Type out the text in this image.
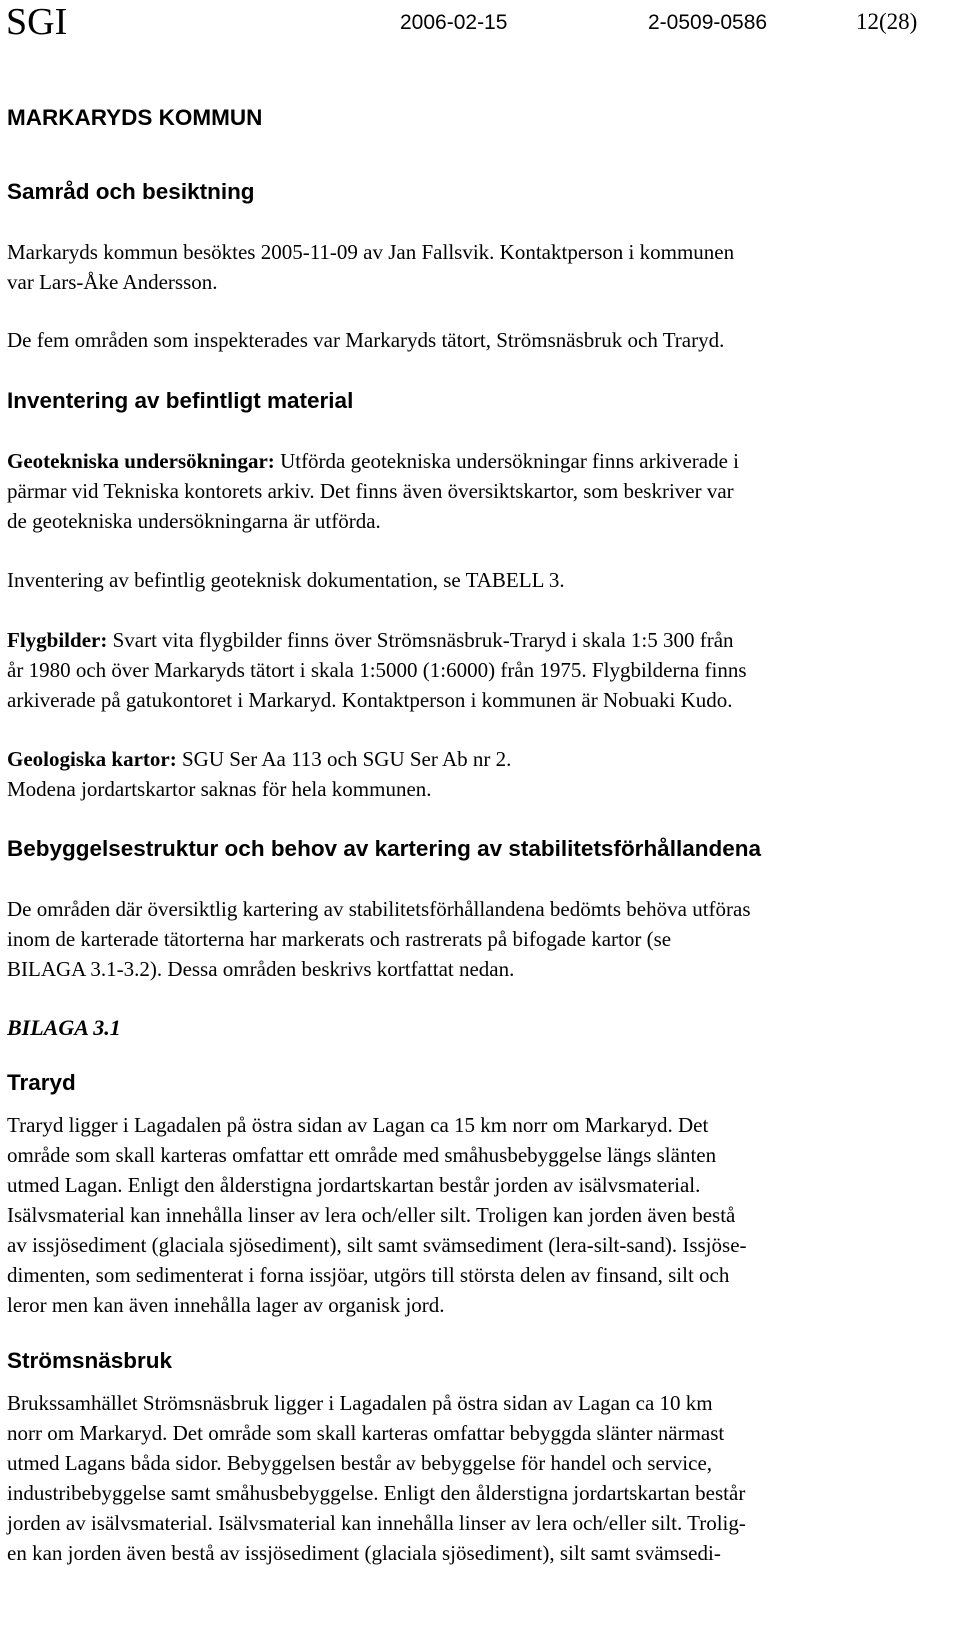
SGI	2006-02-15	2-0509-0586	12(28)
MARKARYDS KOMMUN
Samråd och besiktning
Markaryds kommun besöktes 2005-11-09 av Jan Fallsvik. Kontaktperson i kommunen
var Lars-Åke Andersson.
De fem områden som inspekterades var Markaryds tätort, Strömsnäsbruk och Traryd.
Inventering av befintligt material
Geotekniska undersökningar: Utförda geotekniska undersökningar finns arkiverade i
pärmar vid Tekniska kontorets arkiv. Det finns även översiktskartor, som beskriver var
de geotekniska undersökningarna är utförda.
Inventering av befintlig geoteknisk dokumentation, se TABELL 3.
Flygbilder: Svart vita flygbilder finns över Strömsnäsbruk-Traryd i skala 1:5 300 från
år 1980 och över Markaryds tätort i skala 1:5000 (1:6000) från 1975. Flygbilderna finns
arkiverade på gatukontoret i Markaryd. Kontaktperson i kommunen är Nobuaki Kudo.
Geologiska kartor: SGU Ser Aa 113 och SGU Ser Ab nr 2.
Modena jordartskartor saknas för hela kommunen.
Bebyggelsestruktur och behov av kartering av stabilitetsförhållandena
De områden där översiktlig kartering av stabilitetsförhållandena bedömts behöva utföras
inom de karterade tätorterna har markerats och rastrerats på bifogade kartor (se
BILAGA 3.1-3.2). Dessa områden beskrivs kortfattat nedan.
BILAGA 3.1
Traryd
Traryd ligger i Lagadalen på östra sidan av Lagan ca 15 km norr om Markaryd. Det
område som skall karteras omfattar ett område med småhusbebyggelse längs slänten
utmed Lagan. Enligt den ålderstigna jordartskartan består jorden av isälvsmaterial.
Isälvsmaterial kan innehålla linser av lera och/eller silt. Troligen kan jorden även bestå
av issjösediment (glaciala sjösediment), silt samt svämsediment (lera-silt-sand). Issjöse-
dimenten, som sedimenterat i forna issjöar, utgörs till största delen av finsand, silt och
leror men kan även innehålla lager av organisk jord.
Strömsnäsbruk
Brukssamhället Strömsnäsbruk ligger i Lagadalen på östra sidan av Lagan ca 10 km
norr om Markaryd. Det område som skall karteras omfattar bebyggda slänter närmast
utmed Lagans båda sidor. Bebyggelsen består av bebyggelse för handel och service,
industribebyggelse samt småhusbebyggelse. Enligt den ålderstigna jordartskartan består
jorden av isälvsmaterial. Isälvsmaterial kan innehålla linser av lera och/eller silt. Trolig-
en kan jorden även bestå av issjösediment (glaciala sjösediment), silt samt svämsedi-
